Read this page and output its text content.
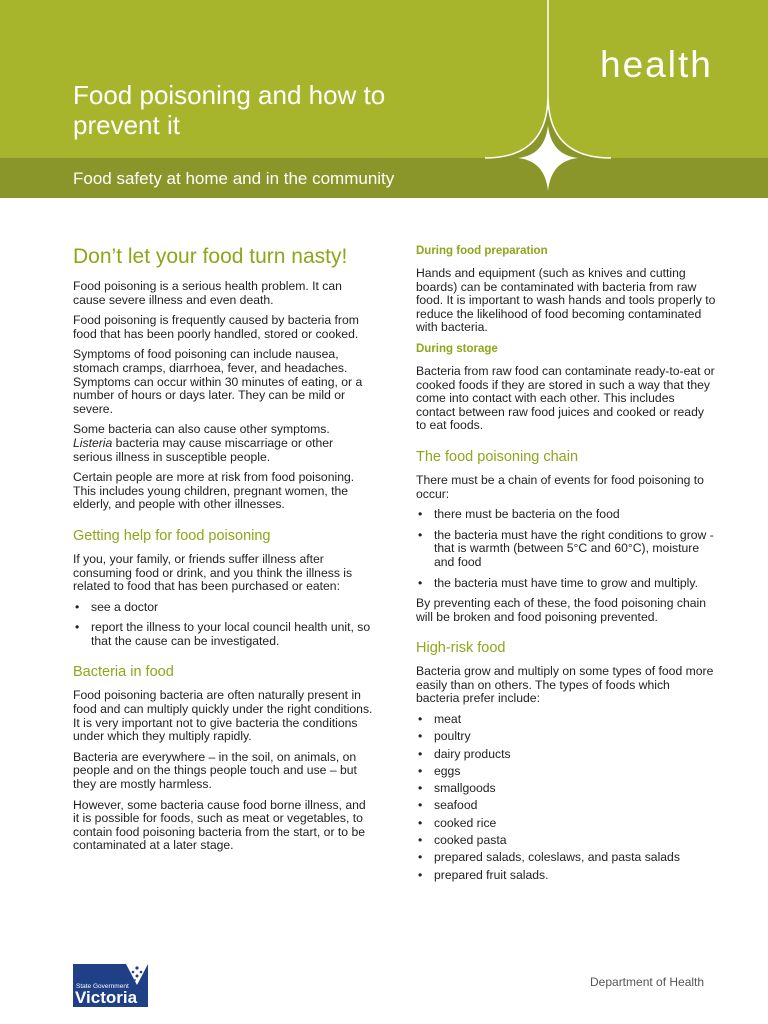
Food poisoning and how to prevent it
health
Food safety at home and in the community
Don’t let your food turn nasty!

Food poisoning is a serious health problem. It can cause severe illness and even death.

Food poisoning is frequently caused by bacteria from food that has been poorly handled, stored or cooked.

Symptoms of food poisoning can include nausea, stomach cramps, diarrhoea, fever, and headaches. Symptoms can occur within 30 minutes of eating, or a number of hours or days later. They can be mild or severe.

Some bacteria can also cause other symptoms.
Listeria bacteria may cause miscarriage or other serious illness in susceptible people.

Certain people are more at risk from food poisoning. This includes young children, pregnant women, the elderly, and people with other illnesses.

Getting help for food poisoning

If you, your family, or friends suffer illness after consuming food or drink, and you think the illness is related to food that has been purchased or eaten:

• see a doctor
• report the illness to your local council health unit, so that the cause can be investigated.
Bacteria in food

Food poisoning bacteria are often naturally present in food and can multiply quickly under the right conditions. It is very important not to give bacteria the conditions under which they multiply rapidly.

Bacteria are everywhere – in the soil, on animals, on people and on the things people touch and use – but they are mostly harmless.

However, some bacteria cause food borne illness, and it is possible for foods, such as meat or vegetables, to contain food poisoning bacteria from the start, or to be contaminated at a later stage.

During food preparation

Hands and equipment (such as knives and cutting boards) can be contaminated with bacteria from raw food. It is important to wash hands and tools properly to reduce the likelihood of food becoming contaminated with bacteria.

During storage

Bacteria from raw food can contaminate ready-to-eat or cooked foods if they are stored in such a way that they come into contact with each other. This includes contact between raw food juices and cooked or ready to eat foods.

The food poisoning chain

There must be a chain of events for food poisoning to occur:

• there must be bacteria on the food
• the bacteria must have the right conditions to grow - that is warmth (between 5°C and 60°C), moisture and food
• the bacteria must have time to grow and multiply.

By preventing each of these, the food poisoning chain will be broken and food poisoning prevented.

High-risk food

Bacteria grow and multiply on some types of food more easily than on others. The types of foods which bacteria prefer include:

• meat
• poultry
• dairy products
• eggs
• smallgoods
• seafood
• cooked rice
• cooked pasta
• prepared salads, coleslaws, and pasta salads
• prepared fruit salads.
State Government
Victoria
Department of Health
